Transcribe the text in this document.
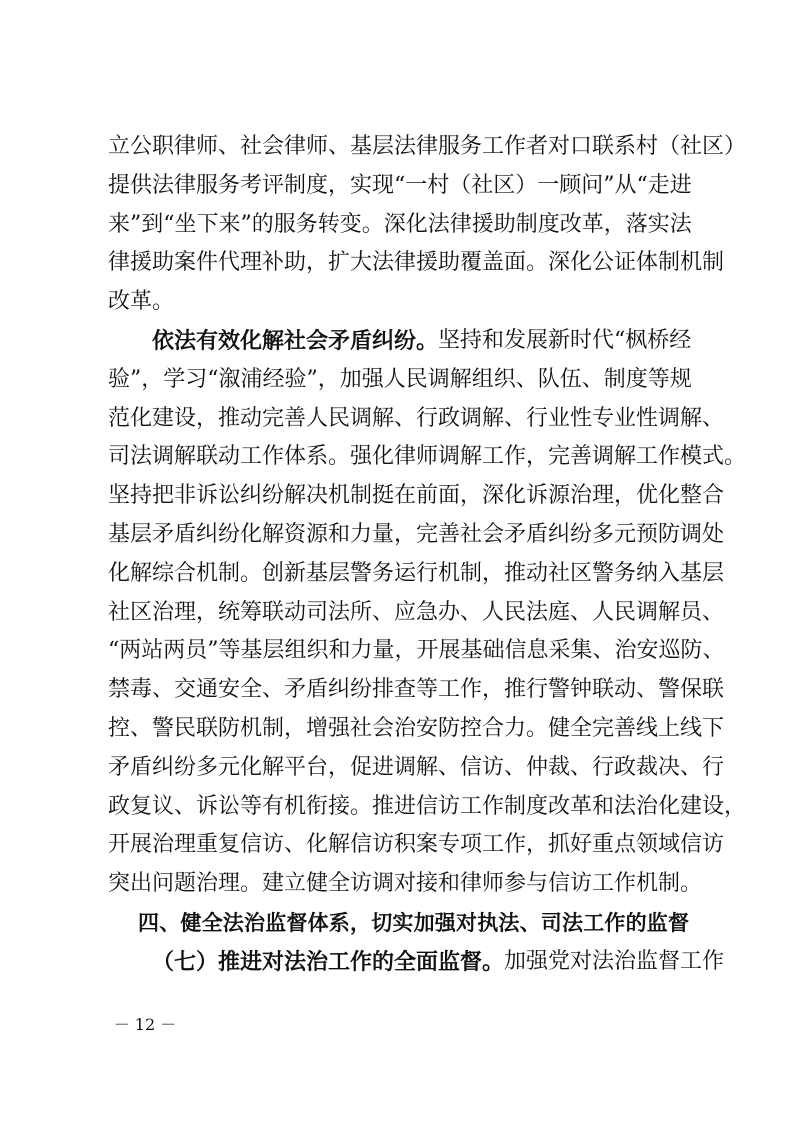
立公职律师、社会律师、基层法律服务工作者对口联系村（社区）
提供法律服务考评制度，实现“一村（社区）一顾问”从“走进
来”到“坐下来”的服务转变。深化法律援助制度改革，落实法
律援助案件代理补助，扩大法律援助覆盖面。深化公证体制机制
改革。
依法有效化解社会矛盾纠纷。 坚持和发展新时代“枫桥经
验”，学习“溆浦经验”，加强人民调解组织、队伍、制度等规
范化建设，推动完善人民调解、行政调解、行业性专业性调解、
司法调解联动工作体系。强化律师调解工作，完善调解工作模式。
坚持把非诉讼纠纷解决机制挺在前面，深化诉源治理，优化整合
基层矛盾纠纷化解资源和力量，完善社会矛盾纠纷多元预防调处
化解综合机制。创新基层警务运行机制，推动社区警务纳入基层
社区治理，统筹联动司法所、应急办、人民法庭、人民调解员、
“两站两员”等基层组织和力量，开展基础信息采集、治安巡防、
禁毒、交通安全、矛盾纠纷排查等工作，推行警钟联动、警保联
控、警民联防机制，增强社会治安防控合力。健全完善线上线下
矛盾纠纷多元化解平台，促进调解、信访、仲裁、行政裁决、行
政复议、诉讼等有机衔接。推进信访工作制度改革和法治化建设，
开展治理重复信访、化解信访积案专项工作，抓好重点领域信访
突出问题治理。建立健全访调对接和律师参与信访工作机制。
四、健全法治监督体系，切实加强对执法、司法工作的监督
（七）推进对法治工作的全面监督。 加强党对法治监督工作
－ 12 －
